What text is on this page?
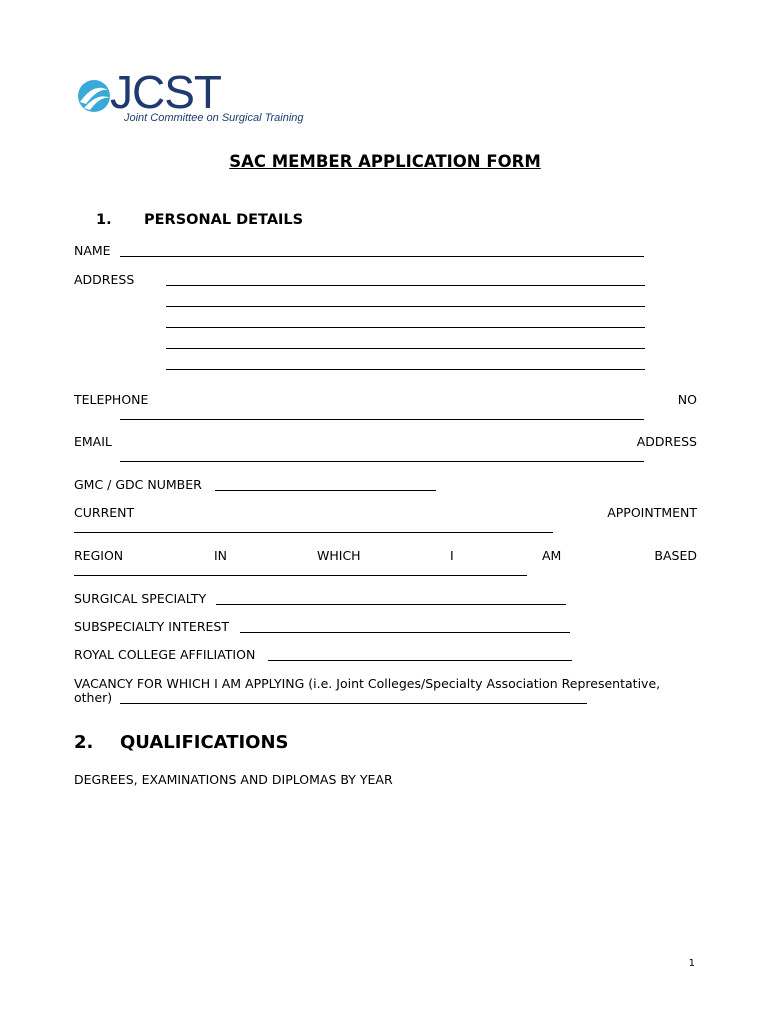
JCST
Joint Committee on Surgical Training
SAC MEMBER APPLICATION FORM
1. PERSONAL DETAILS
NAME
ADDRESS
TELEPHONE	NO
EMAIL	ADDRESS
GMC / GDC NUMBER
CURRENT	APPOINTMENT
REGION	IN	WHICH	I	AM	BASED
SURGICAL SPECIALTY
SUBSPECIALTY INTEREST
ROYAL COLLEGE AFFILIATION
VACANCY FOR WHICH I AM APPLYING (i.e. Joint Colleges/Specialty Association Representative,
other)
2. QUALIFICATIONS
DEGREES, EXAMINATIONS AND DIPLOMAS BY YEAR
1
